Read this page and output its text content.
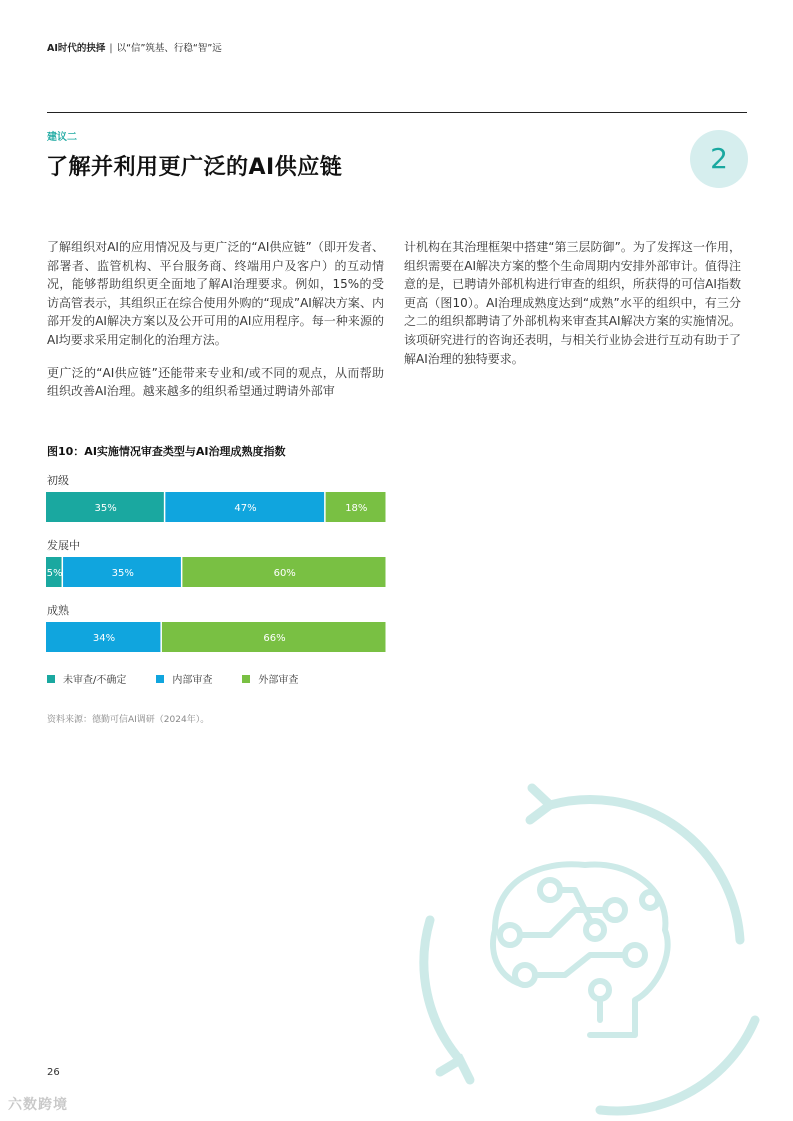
AI时代的抉择 | 以“信”筑基、行稳“智”远
建议二
了解并利用更广泛的AI供应链	2

了解组织对AI的应用情况及与更广泛的“AI供应链”（即开发者、部署者、监管机构、平台服务商、终端用户及客户）的互动情况，能够帮助组织更全面地了解AI治理要求。例如，15%的受访高管表示，其组织正在综合使用外购的“现成”AI解决方案、内部开发的AI解决方案以及公开可用的AI应用程序。每一种来源的AI均要求采用定制化的治理方法。

更广泛的“AI供应链”还能带来专业和/或不同的观点，从而帮助组织改善AI治理。越来越多的组织希望通过聘请外部审

计机构在其治理框架中搭建“第三层防御”。为了发挥这一作用，组织需要在AI解决方案的整个生命周期内安排外部审计。值得注意的是，已聘请外部机构进行审查的组织，所获得的可信AI指数更高（图10）。AI治理成熟度达到“成熟”水平的组织中，有三分之二的组织都聘请了外部机构来审查其AI解决方案的实施情况。该项研究进行的咨询还表明，与相关行业协会进行互动有助于了解AI治理的独特要求。

图10：AI实施情况审查类型与AI治理成熟度指数
初级
35%	47%	18%
发展中
5%	35%	60%
成熟
34%	66%
未审查/不确定	内部审查	外部审查
资料来源：德勤可信AI调研（2024年）。
26
六数跨境
